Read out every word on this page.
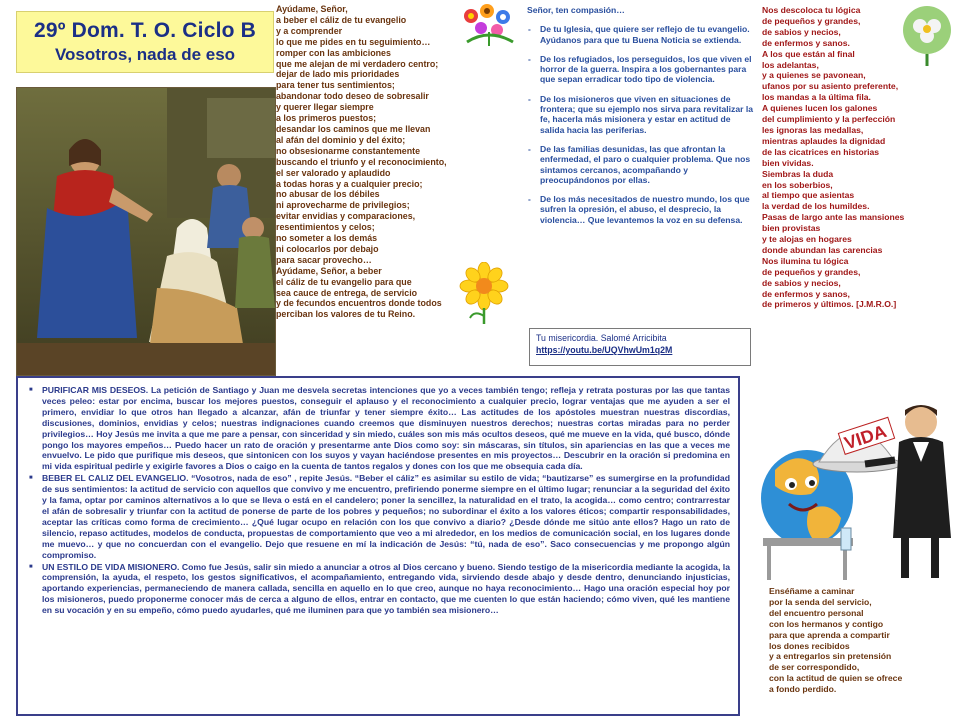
29º Dom. T. O. Ciclo B
Vosotros, nada de eso
Ayúdame, Señor,
a beber el cáliz de tu evangelio
y a comprender
lo que me pides en tu seguimiento…
romper con las ambiciones
que me alejan de mi verdadero centro;
dejar de lado mis prioridades
para tener tus sentimientos;
abandonar todo deseo de sobresalir
y querer llegar siempre
a los primeros puestos;
desandar los caminos que me llevan
al afán del dominio y del éxito;
no obsesionarme constantemente
buscando el triunfo y el reconocimiento,
el ser valorado y aplaudido
a todas horas y a cualquier precio;
no abusar de los débiles
ni aprovecharme de privilegios;
evitar envidias y comparaciones,
resentimientos y celos;
no someter a los demás
ni colocarlos por debajo
para sacar provecho…
Ayúdame, Señor, a beber
el cáliz de tu evangelio para que
sea cauce de entrega, de servicio
y de fecundos encuentros donde todos
perciban los valores de tu Reino.
Señor, ten compasión…
- De tu Iglesia, que quiere ser reflejo de tu evangelio. Ayúdanos para que tu Buena Noticia se extienda.
- De los refugiados, los perseguidos, los que viven el horror de la guerra. Inspira a los gobernantes para que sepan erradicar todo tipo de violencia.
- De los misioneros que viven en situaciones de frontera; que su ejemplo nos sirva para revitalizar la fe, hacerla más misionera y estar en actitud de salida hacia las periferias.
- De las familias desunidas, las que afrontan la enfermedad, el paro o cualquier problema. Que nos sintamos cercanos, acompañando y preocupándonos por ellas.
- De los más necesitados de nuestro mundo, los que sufren la opresión, el abuso, el desprecio, la violencia… Que levantemos la voz en su defensa.
Tu misericordia. Salomé Arricibita
https://youtu.be/UQVhwUm1q2M
Nos descoloca tu lógica
de pequeños y grandes,
de sabios y necios,
de enfermos y sanos.
A los que están al final
los adelantas,
y a quienes se pavonean,
ufanos por su asiento preferente,
los mandas a la última fila.
A quienes lucen los galones
del cumplimiento y la perfección
les ignoras las medallas,
mientras aplaudes la dignidad
de las cicatrices en historias
bien vividas.
Siembras la duda
en los soberbios,
al tiempo que asientas
la verdad de los humildes.
Pasas de largo ante las mansiones
bien provistas
y te alojas en hogares
donde abundan las carencias
Nos ilumina tu lógica
de pequeños y grandes,
de sabios y necios,
de enfermos y sanos,
de primeros y últimos. [J.M.R.O.]
■ PURIFICAR MIS DESEOS. La petición de Santiago y Juan me desvela secretas intenciones que yo a veces también tengo; refleja y retrata posturas por las que tantas veces peleo: estar por encima, buscar los mejores puestos, conseguir el aplauso y el reconocimiento a cualquier precio, lograr ventajas que me ayuden a ser el primero, envidiar lo que otros han llegado a alcanzar, afán de triunfar y tener siempre éxito… Las actitudes de los apóstoles muestran nuestras discordias, discusiones, dominios, envidias y celos; nuestras indignaciones cuando creemos que disminuyen nuestros derechos; nuestras cortas miradas para no perder privilegios… Hoy Jesús me invita a que me pare a pensar, con sinceridad y sin miedo, cuáles son mis más ocultos deseos, qué me mueve en la vida, qué busco, dónde pongo los mayores empeños… Puedo hacer un rato de oración y presentarme ante Dios como soy: sin máscaras, sin títulos, sin apariencias en las que a veces me envuelvo. Le pido que purifique mis deseos, que sintonicen con los suyos y vayan haciéndose presentes en mis proyectos… Descubrir en la oración si predomina en mi vida espiritual pedirle y exigirle favores a Dios o caigo en la cuenta de tantos regalos y dones con los que me obsequia cada día.
■ BEBER EL CALIZ DEL EVANGELIO. “Vosotros, nada de eso” , repite Jesús. “Beber el cáliz” es asimilar su estilo de vida; “bautizarse” es sumergirse en la profundidad de sus sentimientos: la actitud de servicio con aquellos que convivo y me encuentro, prefiriendo ponerme siempre en el último lugar; renunciar a la seguridad del éxito y la fama, optar por caminos alternativos a lo que se lleva o está en el candelero; poner la sencillez, la naturalidad en el trato, la acogida… como centro; contrarrestar el afán de sobresalir y triunfar con la actitud de ponerse de parte de los pobres y pequeños; no subordinar el éxito a los valores éticos; compartir responsabilidades, aceptar las críticas como forma de crecimiento… ¿Qué lugar ocupo en relación con los que convivo a diario? ¿Desde dónde me sitúo ante ellos? Hago un rato de silencio, repaso actitudes, modelos de conducta, propuestas de comportamiento que veo a mi alrededor, en los medios de comunicación social, en los lugares donde me muevo… y que no concuerdan con el evangelio. Dejo que resuene en mí la indicación de Jesús: “tú, nada de eso”. Saco consecuencias y me propongo algún compromiso.
■ UN ESTILO DE VIDA MISIONERO. Como fue Jesús, salir sin miedo a anunciar a otros al Dios cercano y bueno. Siendo testigo de la misericordia mediante la acogida, la comprensión, la ayuda, el respeto, los gestos significativos, el acompañamiento, entregando vida, sirviendo desde abajo y desde dentro, denunciando injusticias, aportando experiencias, permaneciendo de manera callada, sencilla en aquello en lo que creo, aunque no haya reconocimiento… Hago una oración especial hoy por los misioneros, puedo proponerme conocer más de cerca a alguno de ellos, entrar en contacto, que me cuenten lo que están haciendo; cómo viven, qué les mantiene en su vocación y en su empeño, cómo puedo ayudarles, qué me iluminen para que yo también sea misionero…
VIDA
Enséñame a caminar
por la senda del servicio,
del encuentro personal
con los hermanos y contigo
para que aprenda a compartir
los dones recibidos
y a entregarlos sin pretensión
de ser correspondido,
con la actitud de quien se ofrece
a fondo perdido.
